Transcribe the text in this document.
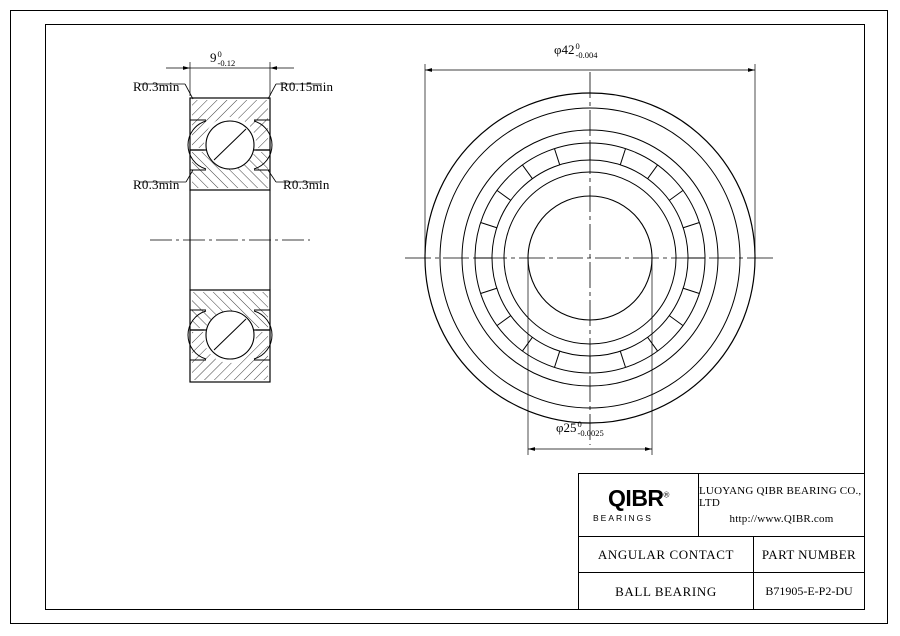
R0.3min	R0.15min
R0.3min	R0.3min
9 0
-0.12
φ42 0
-0.004
φ25 0
-0.0025
QIBR®
BEARINGS
LUOYANG QIBR BEARING CO., LTD
http://www.QIBR.com
ANGULAR CONTACT	PART NUMBER
BALL BEARING	B71905-E-P2-DU
